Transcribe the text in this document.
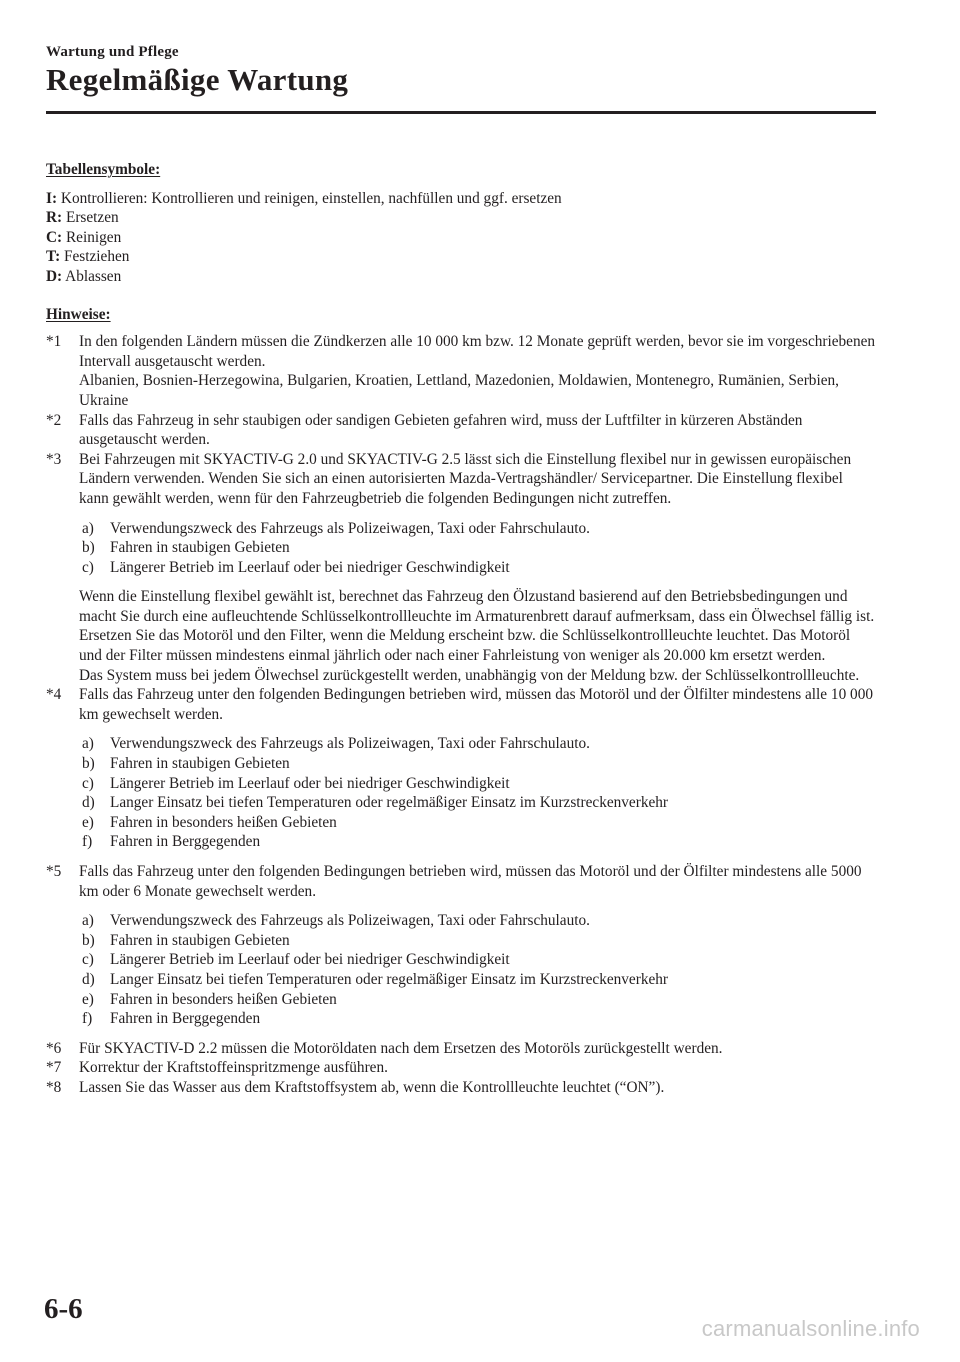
Wartung und Pflege
Regelmäßige Wartung
Tabellensymbole:
I: Kontrollieren: Kontrollieren und reinigen, einstellen, nachfüllen und ggf. ersetzen
R: Ersetzen
C: Reinigen
T: Festziehen
D: Ablassen
Hinweise:
*1	In den folgenden Ländern müssen die Zündkerzen alle 10 000 km bzw. 12 Monate geprüft werden, bevor sie im vorgeschriebenen Intervall ausgetauscht werden.
Albanien, Bosnien-Herzegowina, Bulgarien, Kroatien, Lettland, Mazedonien, Moldawien, Montenegro, Rumänien, Serbien, Ukraine
*2	Falls das Fahrzeug in sehr staubigen oder sandigen Gebieten gefahren wird, muss der Luftfilter in kürzeren Abständen ausgetauscht werden.
*3	Bei Fahrzeugen mit SKYACTIV-G 2.0 und SKYACTIV-G 2.5 lässt sich die Einstellung flexibel nur in gewissen europäischen Ländern verwenden. Wenden Sie sich an einen autorisierten Mazda-Vertragshändler/ Servicepartner. Die Einstellung flexibel kann gewählt werden, wenn für den Fahrzeugbetrieb die folgenden Bedingungen nicht zutreffen.
a)	Verwendungszweck des Fahrzeugs als Polizeiwagen, Taxi oder Fahrschulauto.
b) Fahren in staubigen Gebieten
c)	Längerer Betrieb im Leerlauf oder bei niedriger Geschwindigkeit
Wenn die Einstellung flexibel gewählt ist, berechnet das Fahrzeug den Ölzustand basierend auf den Betriebsbedingungen und macht Sie durch eine aufleuchtende Schlüsselkontrollleuchte im Armaturenbrett darauf aufmerksam, dass ein Ölwechsel fällig ist.
Ersetzen Sie das Motoröl und den Filter, wenn die Meldung erscheint bzw. die Schlüsselkontrollleuchte leuchtet. Das Motoröl und der Filter müssen mindestens einmal jährlich oder nach einer Fahrleistung von weniger als 20.000 km ersetzt werden.
Das System muss bei jedem Ölwechsel zurückgestellt werden, unabhängig von der Meldung bzw. der Schlüsselkontrollleuchte.
*4	Falls das Fahrzeug unter den folgenden Bedingungen betrieben wird, müssen das Motoröl und der Ölfilter mindestens alle 10 000 km gewechselt werden.
a)	Verwendungszweck des Fahrzeugs als Polizeiwagen, Taxi oder Fahrschulauto.
b) Fahren in staubigen Gebieten
c)	Längerer Betrieb im Leerlauf oder bei niedriger Geschwindigkeit
d) Langer Einsatz bei tiefen Temperaturen oder regelmäßiger Einsatz im Kurzstreckenverkehr
e)	Fahren in besonders heißen Gebieten
f)	Fahren in Berggegenden
*5	Falls das Fahrzeug unter den folgenden Bedingungen betrieben wird, müssen das Motoröl und der Ölfilter mindestens alle 5000 km oder 6 Monate gewechselt werden.
a)	Verwendungszweck des Fahrzeugs als Polizeiwagen, Taxi oder Fahrschulauto.
b) Fahren in staubigen Gebieten
c)	Längerer Betrieb im Leerlauf oder bei niedriger Geschwindigkeit
d) Langer Einsatz bei tiefen Temperaturen oder regelmäßiger Einsatz im Kurzstreckenverkehr
e)	Fahren in besonders heißen Gebieten
f)	Fahren in Berggegenden
*6	Für SKYACTIV-D 2.2 müssen die Motoröldaten nach dem Ersetzen des Motoröls zurückgestellt werden.
*7	Korrektur der Kraftstoffeinspritzmenge ausführen.
*8	Lassen Sie das Wasser aus dem Kraftstoffsystem ab, wenn die Kontrollleuchte leuchtet (“ON”).
6-6
carmanualsonline.info
